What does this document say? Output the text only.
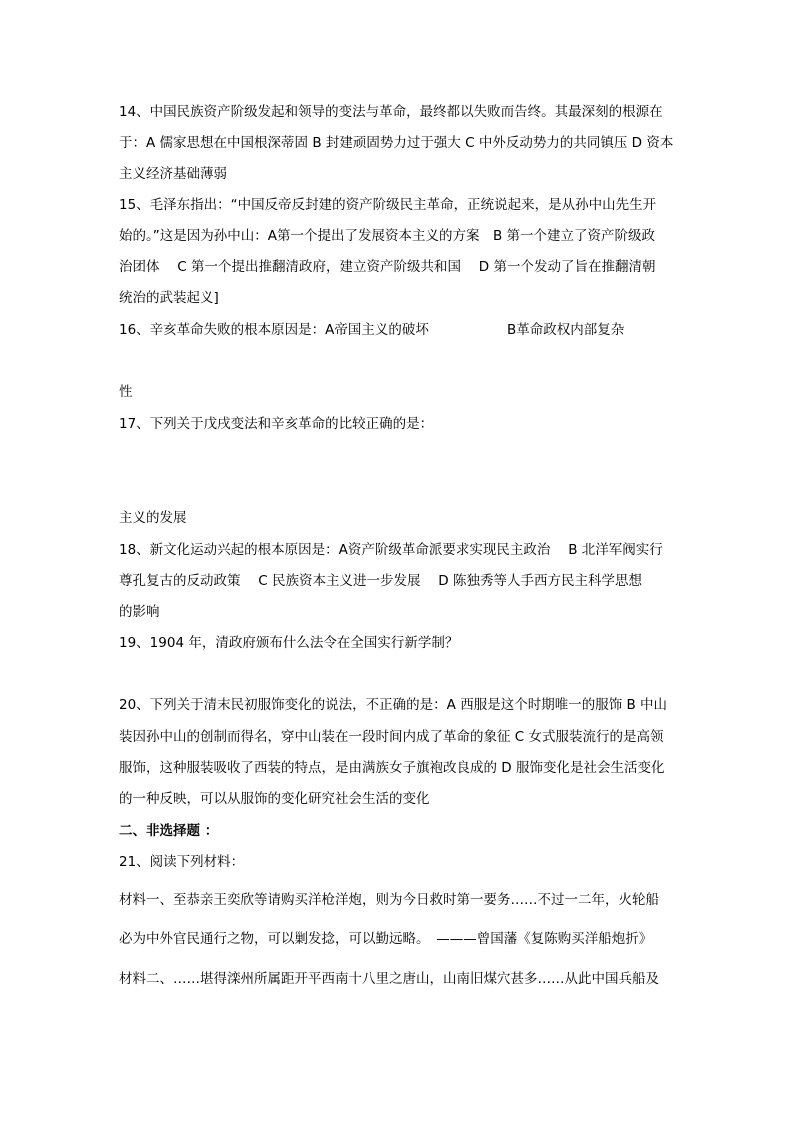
14、中国民族资产阶级发起和领导的变法与革命，最终都以失败而告终。其最深刻的根源在
于：A 儒家思想在中国根深蒂固 B 封建顽固势力过于强大 C 中外反动势力的共同镇压 D 资本
主义经济基础薄弱
15、毛泽东指出：“中国反帝反封建的资产阶级民主革命，正统说起来，是从孙中山先生开
始的。”这是因为孙中山：A第一个提出了发展资本主义的方案　B 第一个建立了资产阶级政
治团体　 C 第一个提出推翻清政府，建立资产阶级共和国　 D 第一个发动了旨在推翻清朝
统治的武装起义]
16、辛亥革命失败的根本原因是：A帝国主义的破坏	B革命政权内部复杂
性
17、下列关于戊戌变法和辛亥革命的比较正确的是：
主义的发展
18、新文化运动兴起的根本原因是：A资产阶级革命派要求实现民主政治　 B 北洋军阀实行
尊孔复古的反动政策　 C 民族资本主义进一步发展　 D 陈独秀等人手西方民主科学思想
的影响
19、1904 年，清政府颁布什么法令在全国实行新学制？
20、下列关于清末民初服饰变化的说法，不正确的是：A 西服是这个时期唯一的服饰 B 中山
装因孙中山的创制而得名，穿中山装在一段时间内成了革命的象征 C 女式服装流行的是高领
服饰，这种服装吸收了西装的特点，是由满族女子旗袍改良成的 D 服饰变化是社会生活变化
的一种反映，可以从服饰的变化研究社会生活的变化
二、非选择题 ：
21、阅读下列材料：
材料一、至恭亲王奕欣等请购买洋枪洋炮，则为今日救时第一要务……不过一二年，火轮船
必为中外官民通行之物，可以剿发捻，可以勤远略。　———曾国藩《复陈购买洋船炮折》
材料二、……堪得滦州所属距开平西南十八里之唐山，山南旧煤穴甚多……从此中国兵船及
